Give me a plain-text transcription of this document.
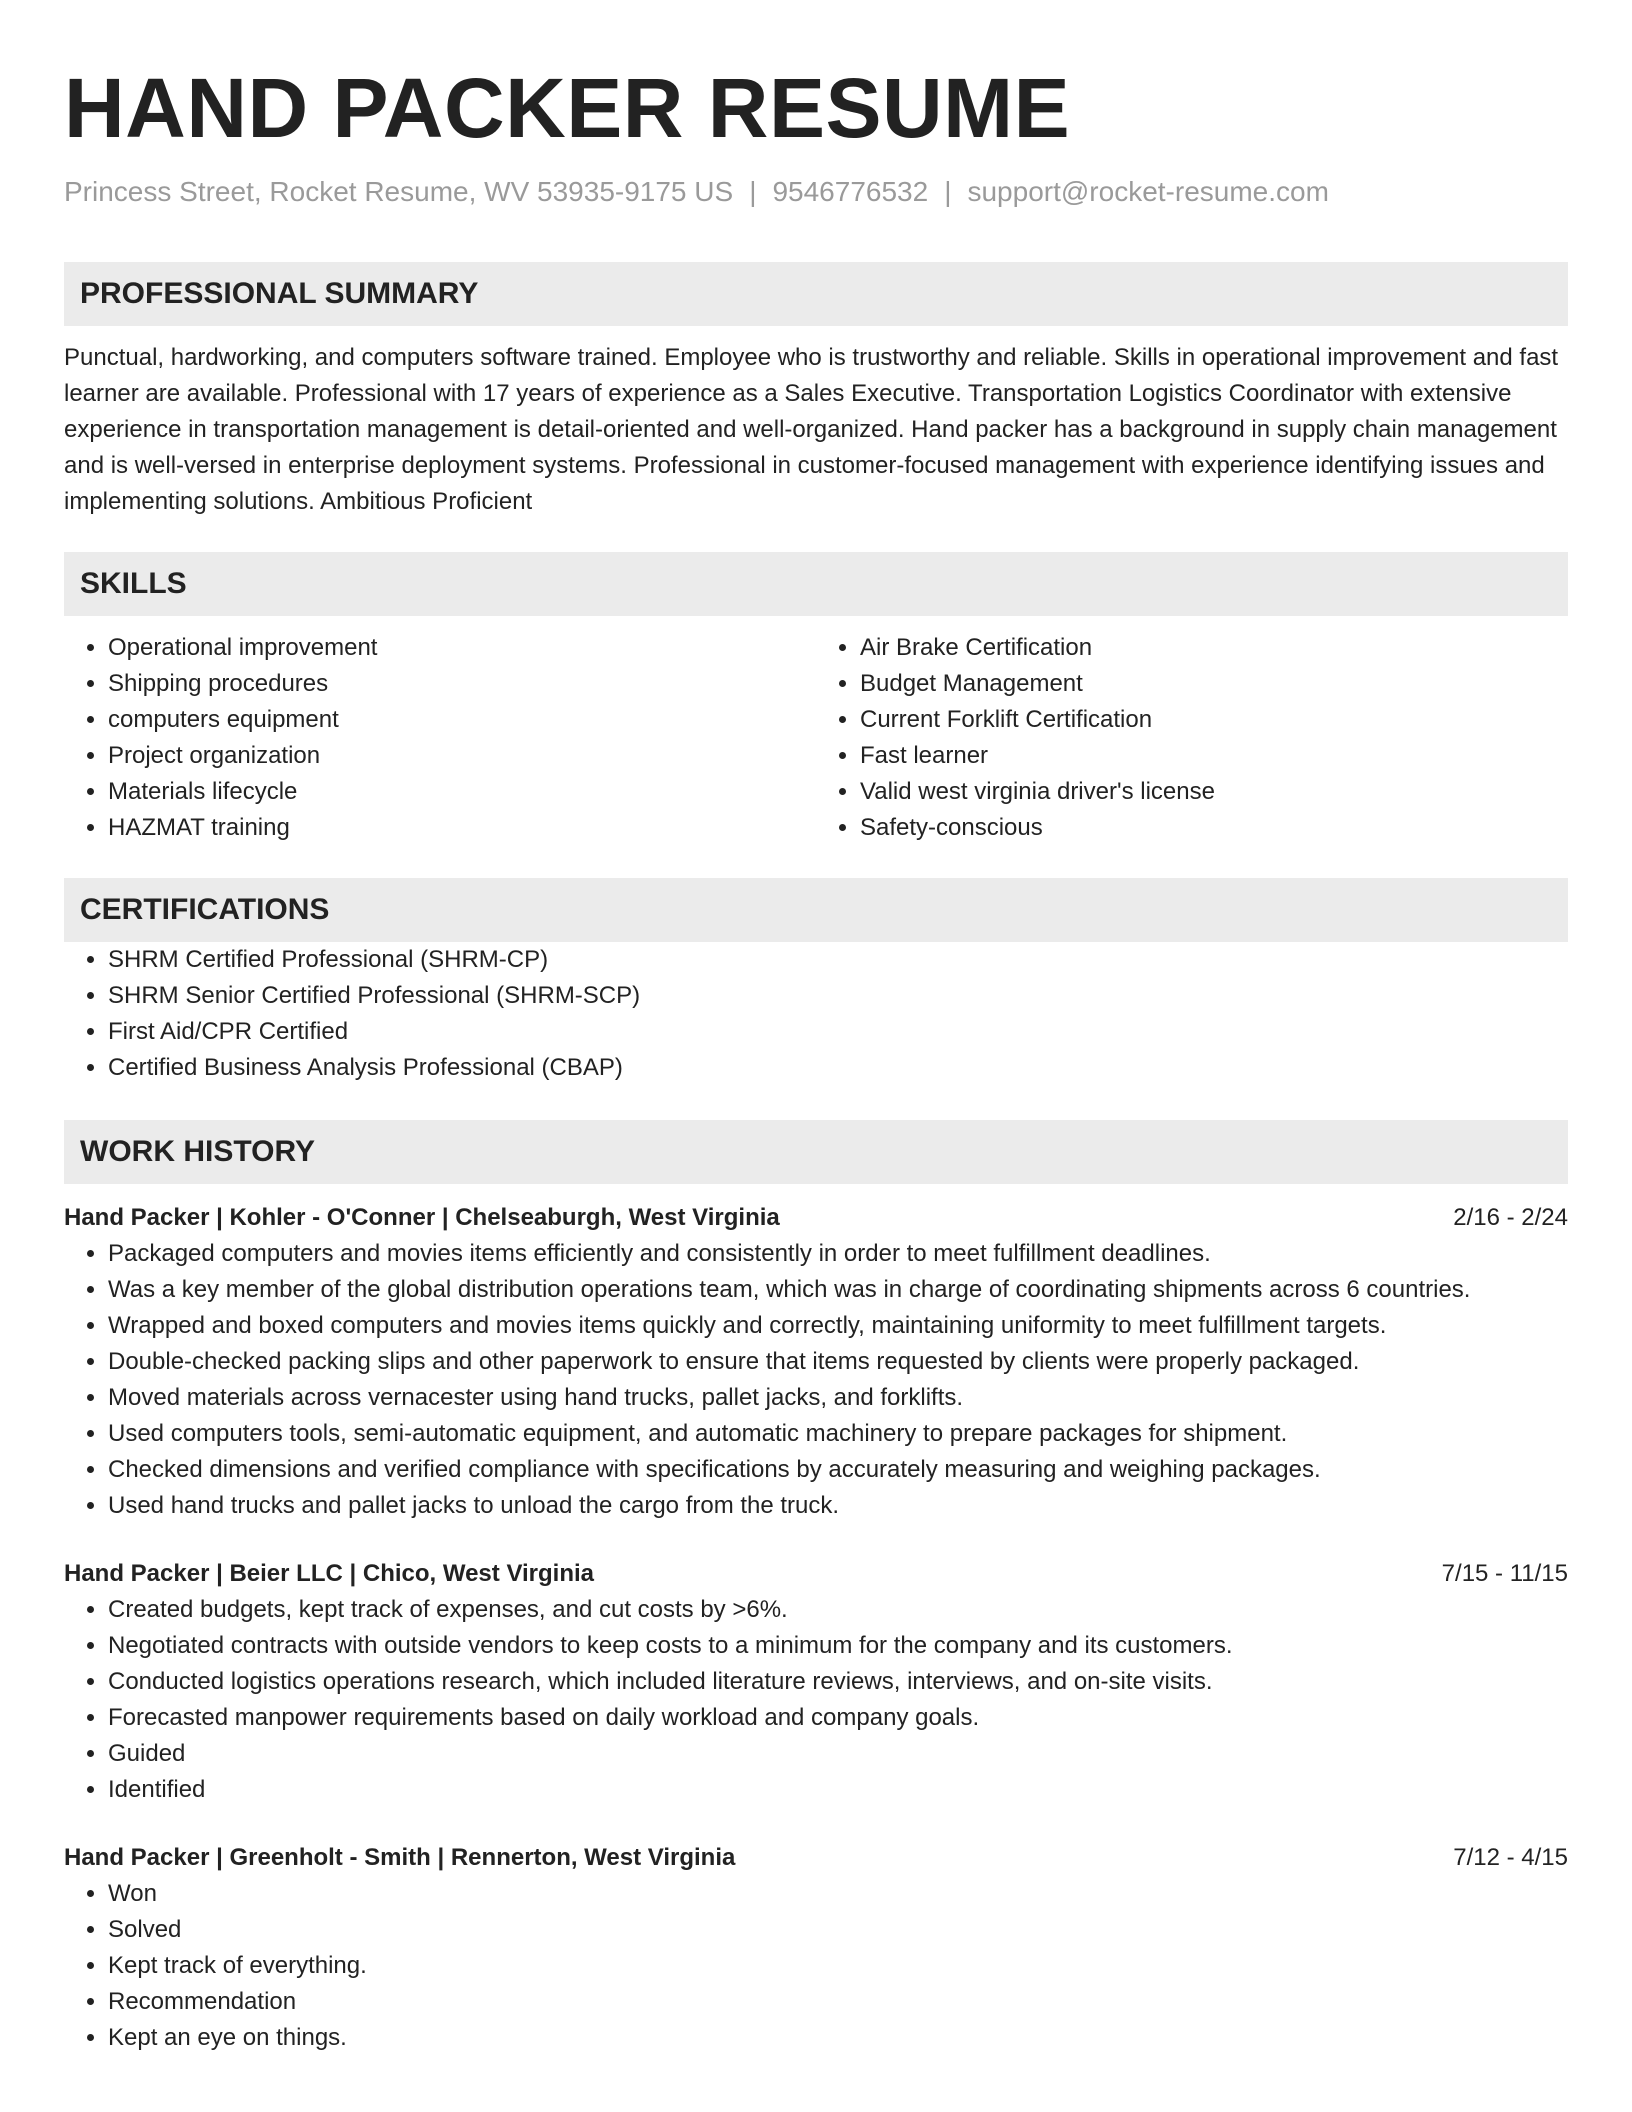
HAND PACKER RESUME
Princess Street, Rocket Resume, WV 53935-9175 US | 9546776532 | support@rocket-resume.com
PROFESSIONAL SUMMARY
Punctual, hardworking, and computers software trained. Employee who is trustworthy and reliable. Skills in operational improvement and fast learner are available. Professional with 17 years of experience as a Sales Executive. Transportation Logistics Coordinator with extensive experience in transportation management is detail-oriented and well-organized. Hand packer has a background in supply chain management and is well-versed in enterprise deployment systems. Professional in customer-focused management with experience identifying issues and implementing solutions. Ambitious Proficient
SKILLS
• Operational improvement
• Shipping procedures
• computers equipment
• Project organization
• Materials lifecycle
• HAZMAT training
• Air Brake Certification
• Budget Management
• Current Forklift Certification
• Fast learner
• Valid west virginia driver's license
• Safety-conscious
CERTIFICATIONS
• SHRM Certified Professional (SHRM-CP)
• SHRM Senior Certified Professional (SHRM-SCP)
• First Aid/CPR Certified
• Certified Business Analysis Professional (CBAP)
WORK HISTORY
Hand Packer | Kohler - O'Conner | Chelseaburgh, West Virginia	2/16 - 2/24
• Packaged computers and movies items efficiently and consistently in order to meet fulfillment deadlines.
• Was a key member of the global distribution operations team, which was in charge of coordinating shipments across 6 countries.
• Wrapped and boxed computers and movies items quickly and correctly, maintaining uniformity to meet fulfillment targets.
• Double-checked packing slips and other paperwork to ensure that items requested by clients were properly packaged.
• Moved materials across vernacester using hand trucks, pallet jacks, and forklifts.
• Used computers tools, semi-automatic equipment, and automatic machinery to prepare packages for shipment.
• Checked dimensions and verified compliance with specifications by accurately measuring and weighing packages.
• Used hand trucks and pallet jacks to unload the cargo from the truck.
Hand Packer | Beier LLC | Chico, West Virginia	7/15 - 11/15
• Created budgets, kept track of expenses, and cut costs by >6%.
• Negotiated contracts with outside vendors to keep costs to a minimum for the company and its customers.
• Conducted logistics operations research, which included literature reviews, interviews, and on-site visits.
• Forecasted manpower requirements based on daily workload and company goals.
• Guided
• Identified
Hand Packer | Greenholt - Smith | Rennerton, West Virginia	7/12 - 4/15
• Won
• Solved
• Kept track of everything.
• Recommendation
• Kept an eye on things.
